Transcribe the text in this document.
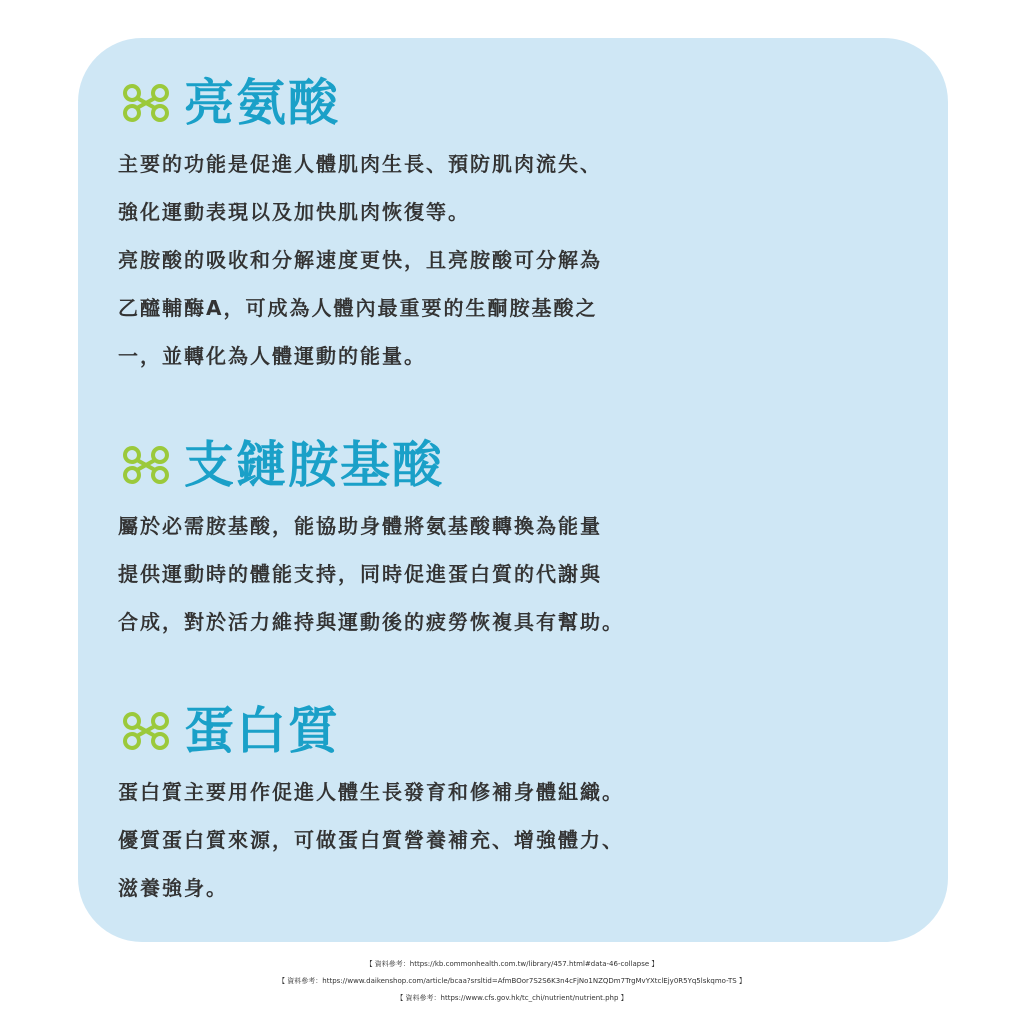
亮氨酸

主要的功能是促進人體肌肉生長、預防肌肉流失、
強化運動表現以及加快肌肉恢復等。
亮胺酸的吸收和分解速度更快，且亮胺酸可分解為
乙醯輔酶A，可成為人體內最重要的生酮胺基酸之
一，並轉化為人體運動的能量。

支鏈胺基酸

屬於必需胺基酸，能協助身體將氨基酸轉換為能量
提供運動時的體能支持，同時促進蛋白質的代謝與
合成，對於活力維持與運動後的疲勞恢複具有幫助。

蛋白質

蛋白質主要用作促進人體生長發育和修補身體組織。
優質蛋白質來源，可做蛋白質營養補充、增強體力、
滋養強身。

【 資料參考：https://kb.commonhealth.com.tw/library/457.html#data-46-collapse 】
【 資料參考：https://www.daikenshop.com/article/bcaa?srsltid=AfmBOor7S2S6K3n4cFjNo1NZQDm7TrgMvYXtclEjy0R5Yq5lskqmo-TS 】
【 資料參考：https://www.cfs.gov.hk/tc_chi/nutrient/nutrient.php 】
